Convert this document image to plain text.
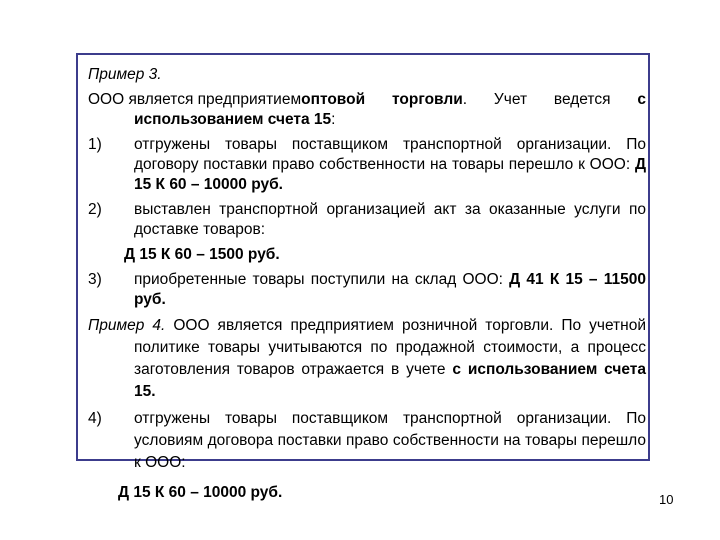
Пример 3.

ООО является предприятиемоптовой торговли. Учет ведется с использованием счета 15:

1)	отгружены товары поставщиком транспортной организации. По договору поставки право собственности на товары перешло к ООО: Д 15 К 60 – 10000 руб.
2)	выставлен транспортной организацией акт за оказанные услуги по доставке товаров:
Д 15 К 60 – 1500 руб.
3)	приобретенные товары поступили на склад ООО: Д 41 К 15 – 11500 руб.

Пример 4. ООО является предприятием розничной торговли. По учетной политике товары учитываются по продажной стоимости, а процесс заготовления товаров отражается в учете с использованием счета 15.

4)	отгружены товары поставщиком транспортной организации. По условиям договора поставки право собственности на товары перешло к ООО:
Д 15 К 60 – 10000 руб.	10
